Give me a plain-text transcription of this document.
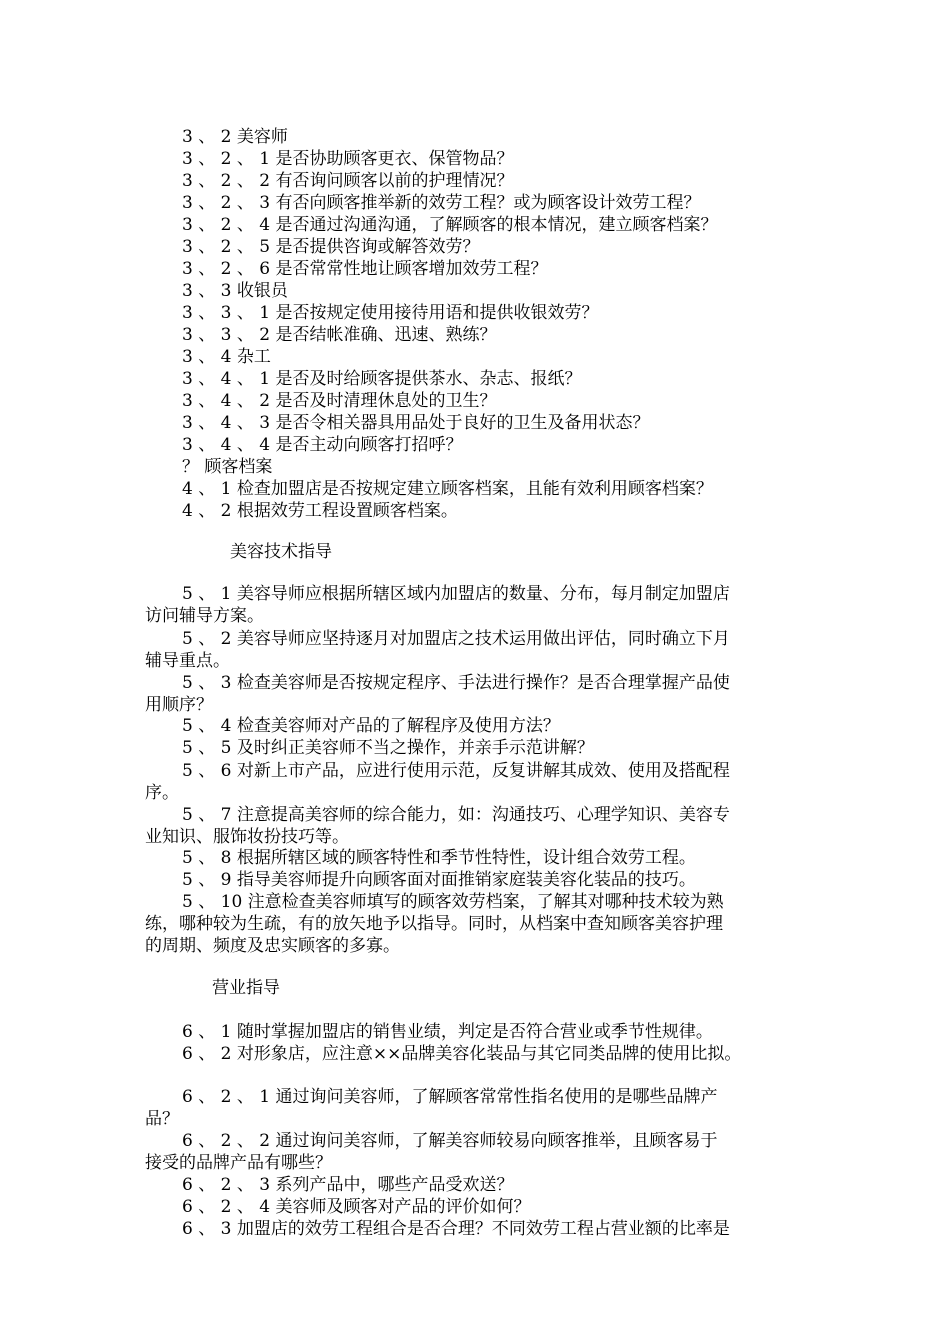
3 、 2 美容师
3 、 2 、 1 是否协助顾客更衣、保管物品？
3 、 2 、 2 有否询问顾客以前的护理情况？
3 、 2 、 3 有否向顾客推举新的效劳工程？或为顾客设计效劳工程？
3 、 2 、 4 是否通过沟通沟通，了解顾客的根本情况，建立顾客档案？
3 、 2 、 5 是否提供咨询或解答效劳？
3 、 2 、 6 是否常常性地让顾客增加效劳工程？
3 、 3 收银员
3 、 3 、 1 是否按规定使用接待用语和提供收银效劳？
3 、 3 、 2 是否结帐准确、迅速、熟练？
3 、 4 杂工
3 、 4 、 1 是否及时给顾客提供茶水、杂志、报纸？
3 、 4 、 2 是否及时清理休息处的卫生？
3 、 4 、 3 是否令相关器具用品处于良好的卫生及备用状态？
3 、 4 、 4 是否主动向顾客打招呼？
？ 顾客档案
4 、 1 检查加盟店是否按规定建立顾客档案，且能有效利用顾客档案？
4 、 2 根据效劳工程设置顾客档案。
美容技术指导
5 、 1 美容导师应根据所辖区域内加盟店的数量、分布，每月制定加盟店
访问辅导方案。
5 、 2 美容导师应坚持逐月对加盟店之技术运用做出评估，同时确立下月
辅导重点。
5 、 3 检查美容师是否按规定程序、手法进行操作？是否合理掌握产品使
用顺序？
5 、 4 检查美容师对产品的了解程序及使用方法？
5 、 5 及时纠正美容师不当之操作，并亲手示范讲解？
5 、 6 对新上市产品，应进行使用示范，反复讲解其成效、使用及搭配程
序。
5 、 7 注意提高美容师的综合能力，如：沟通技巧、心理学知识、美容专
业知识、服饰妆扮技巧等。
5 、 8 根据所辖区域的顾客特性和季节性特性，设计组合效劳工程。
5 、 9 指导美容师提升向顾客面对面推销家庭装美容化装品的技巧。
5 、 10 注意检查美容师填写的顾客效劳档案，了解其对哪种技术较为熟
练，哪种较为生疏，有的放矢地予以指导。同时，从档案中查知顾客美容护理
的周期、频度及忠实顾客的多寡。
营业指导
6 、 1 随时掌握加盟店的销售业绩，判定是否符合营业或季节性规律。
6 、 2 对形象店，应注意××品牌美容化装品与其它同类品牌的使用比拟。
6 、 2 、 1 通过询问美容师，了解顾客常常性指名使用的是哪些品牌产
品？
6 、 2 、 2 通过询问美容师，了解美容师较易向顾客推举，且顾客易于
接受的品牌产品有哪些？
6 、 2 、 3 系列产品中，哪些产品受欢送？
6 、 2 、 4 美容师及顾客对产品的评价如何？
6 、 3 加盟店的效劳工程组合是否合理？不同效劳工程占营业额的比率是
